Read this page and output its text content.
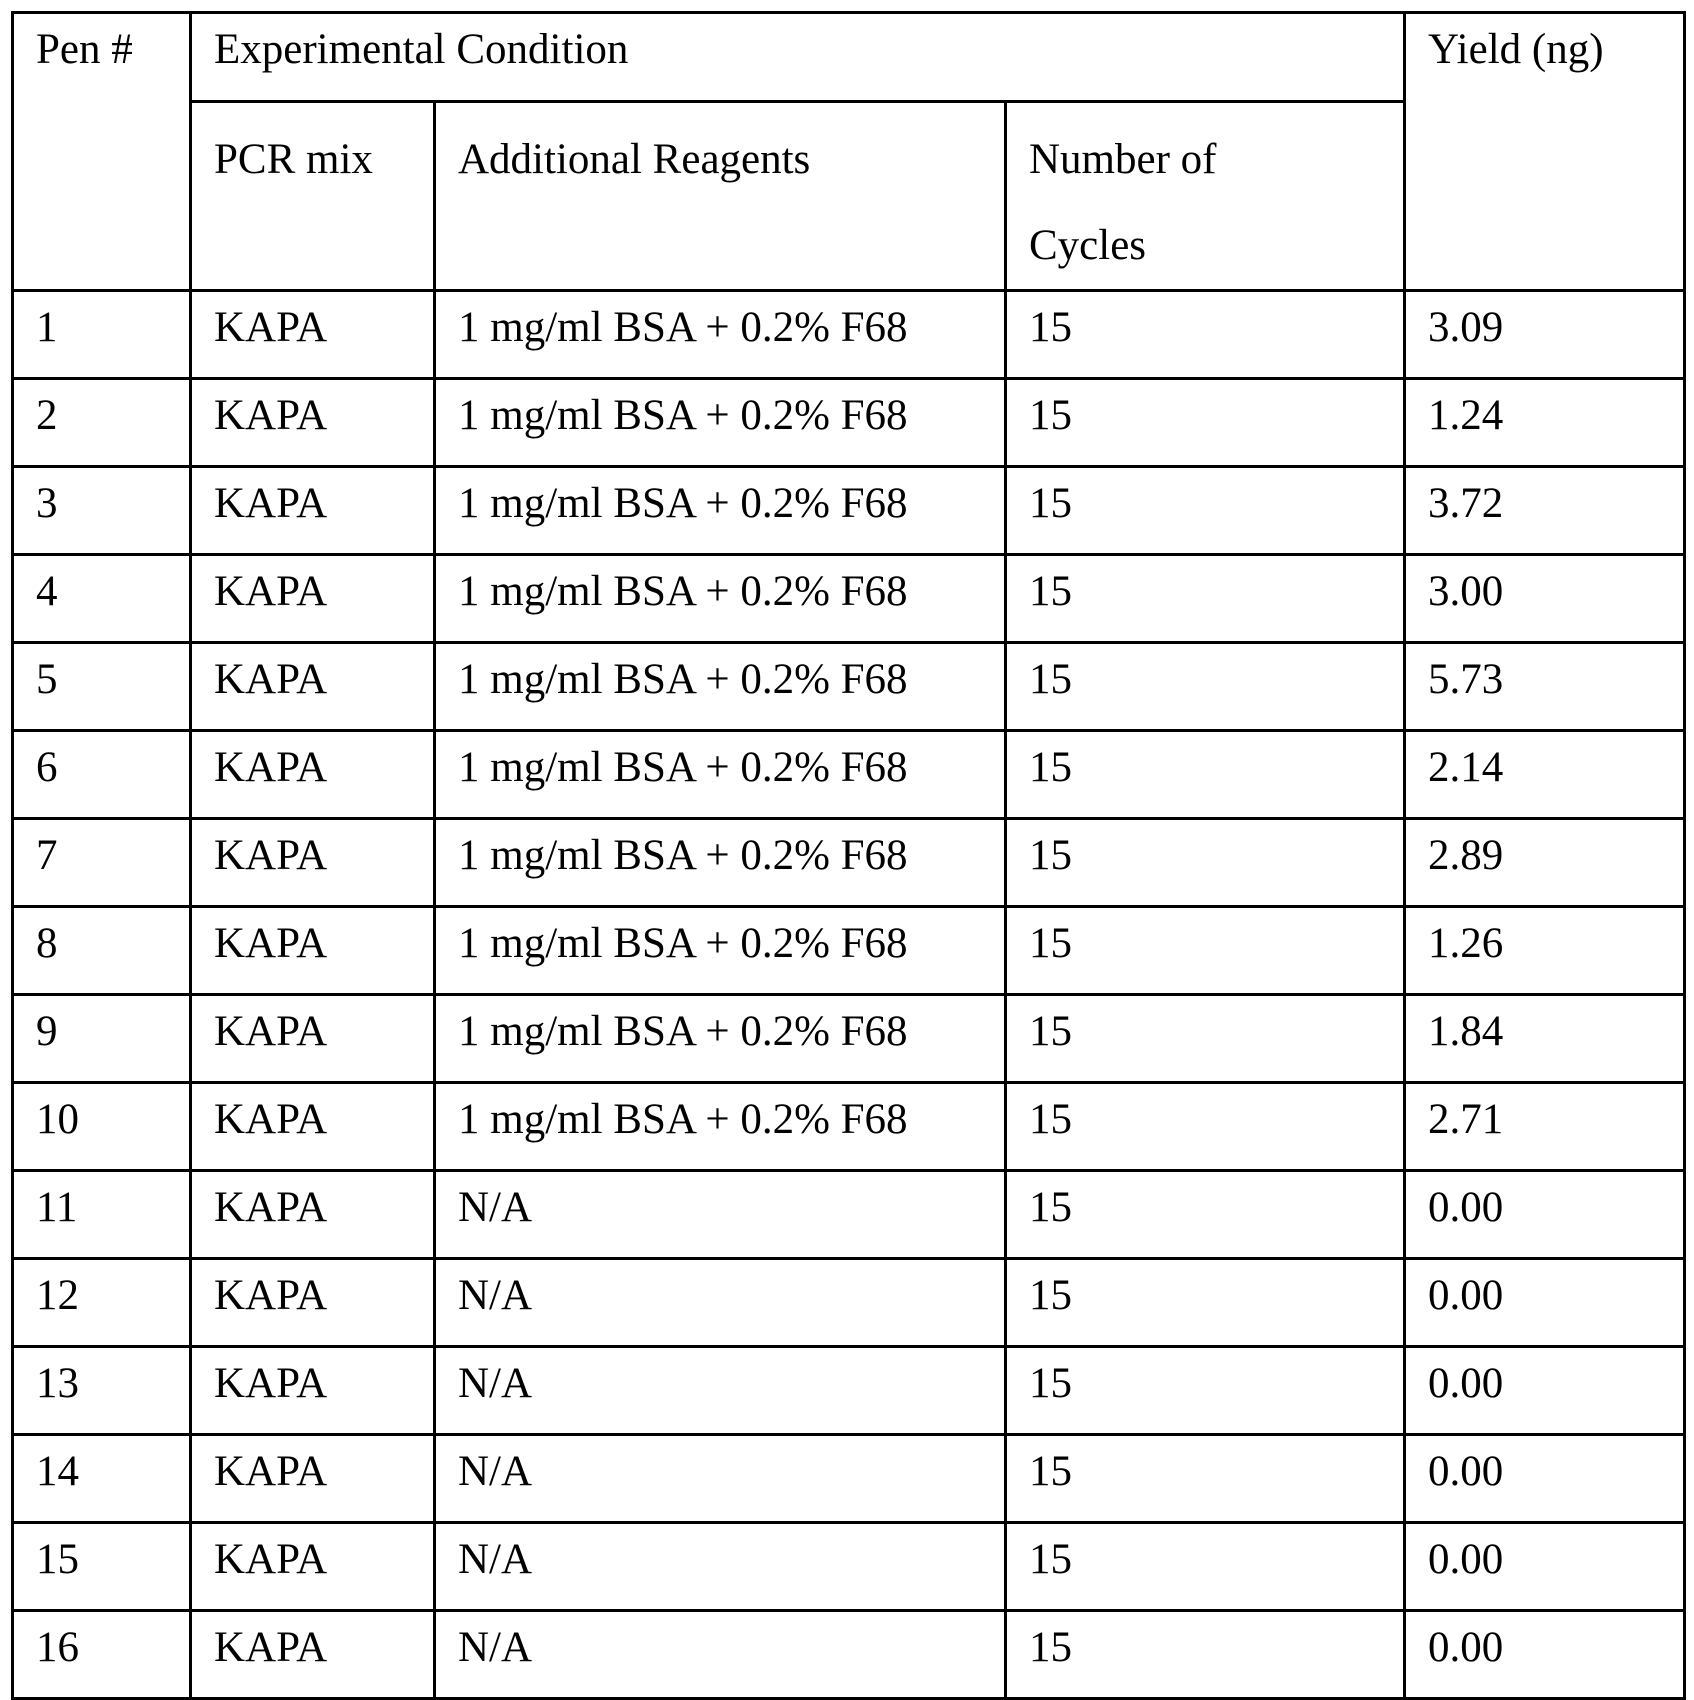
Pen #	Experimental Condition			Yield (ng)

	PCR mix	Additional Reagents	Number of
Cycles	

1	KAPA	1 mg/ml BSA + 0.2% F68	15	3.09
2	KAPA	1 mg/ml BSA + 0.2% F68	15	1.24
3	KAPA	1 mg/ml BSA + 0.2% F68	15	3.72
4	KAPA	1 mg/ml BSA + 0.2% F68	15	3.00
5	KAPA	1 mg/ml BSA + 0.2% F68	15	5.73
6	KAPA	1 mg/ml BSA + 0.2% F68	15	2.14
7	KAPA	1 mg/ml BSA + 0.2% F68	15	2.89
8	KAPA	1 mg/ml BSA + 0.2% F68	15	1.26
9	KAPA	1 mg/ml BSA + 0.2% F68	15	1.84
10	KAPA	1 mg/ml BSA + 0.2% F68	15	2.71
11	KAPA	N/A	15	0.00
12	KAPA	N/A	15	0.00
13	KAPA	N/A	15	0.00
14	KAPA	N/A	15	0.00
15	KAPA	N/A	15	0.00
16	KAPA	N/A	15	0.00
